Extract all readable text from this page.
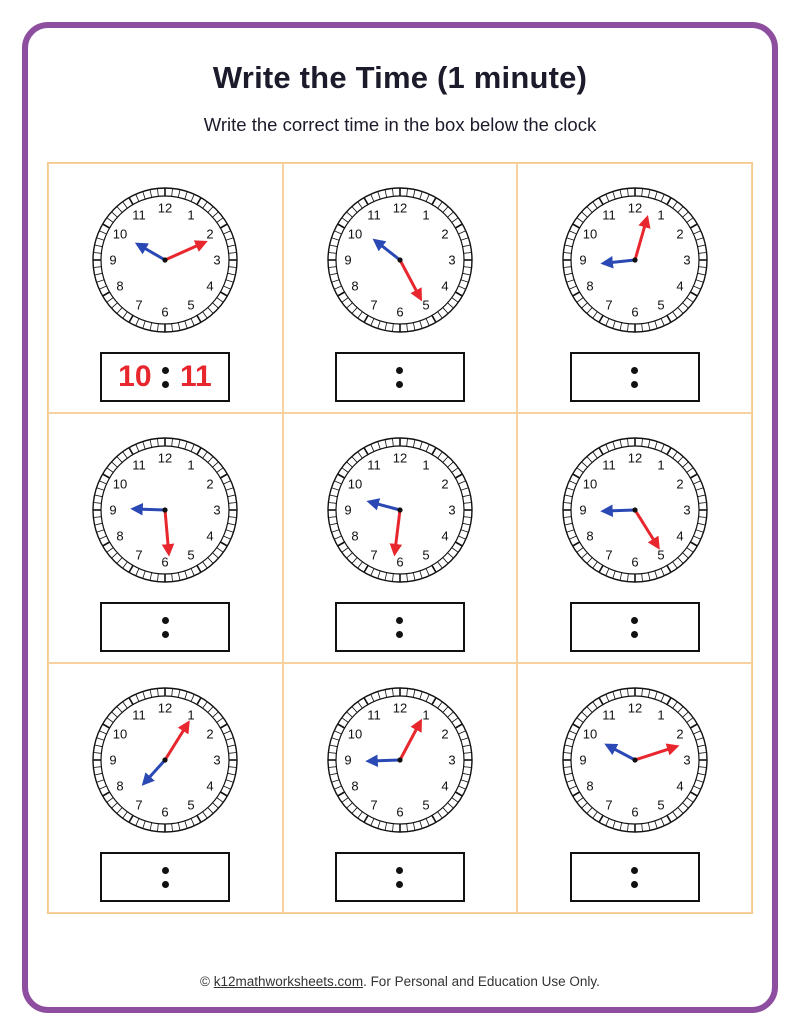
Write the Time (1 minute)

Write the correct time in the box below the clock

12 1
2
3
4
5
6
7
8
9
10
11
10 11
12 1
2
3
4
5
6
7
8
9
10
11	12 1
2
3
4
5
6
7
8
9
10
11
12 1
2
3
4
5
6
7
8
9
10
11	12 1
2
3
4
5
6
7
8
9
10
11	12 1
2
3
4
5
6
7
8
9
10
11
12 1
2
3
4
5
6
7
8
9
10
11	12 1
2
3
4
5
6
7
8
9
10
11	12 1
2
3
4
5
6
7
8
9
10
11
© k12mathworksheets.com. For Personal and Education Use Only.
